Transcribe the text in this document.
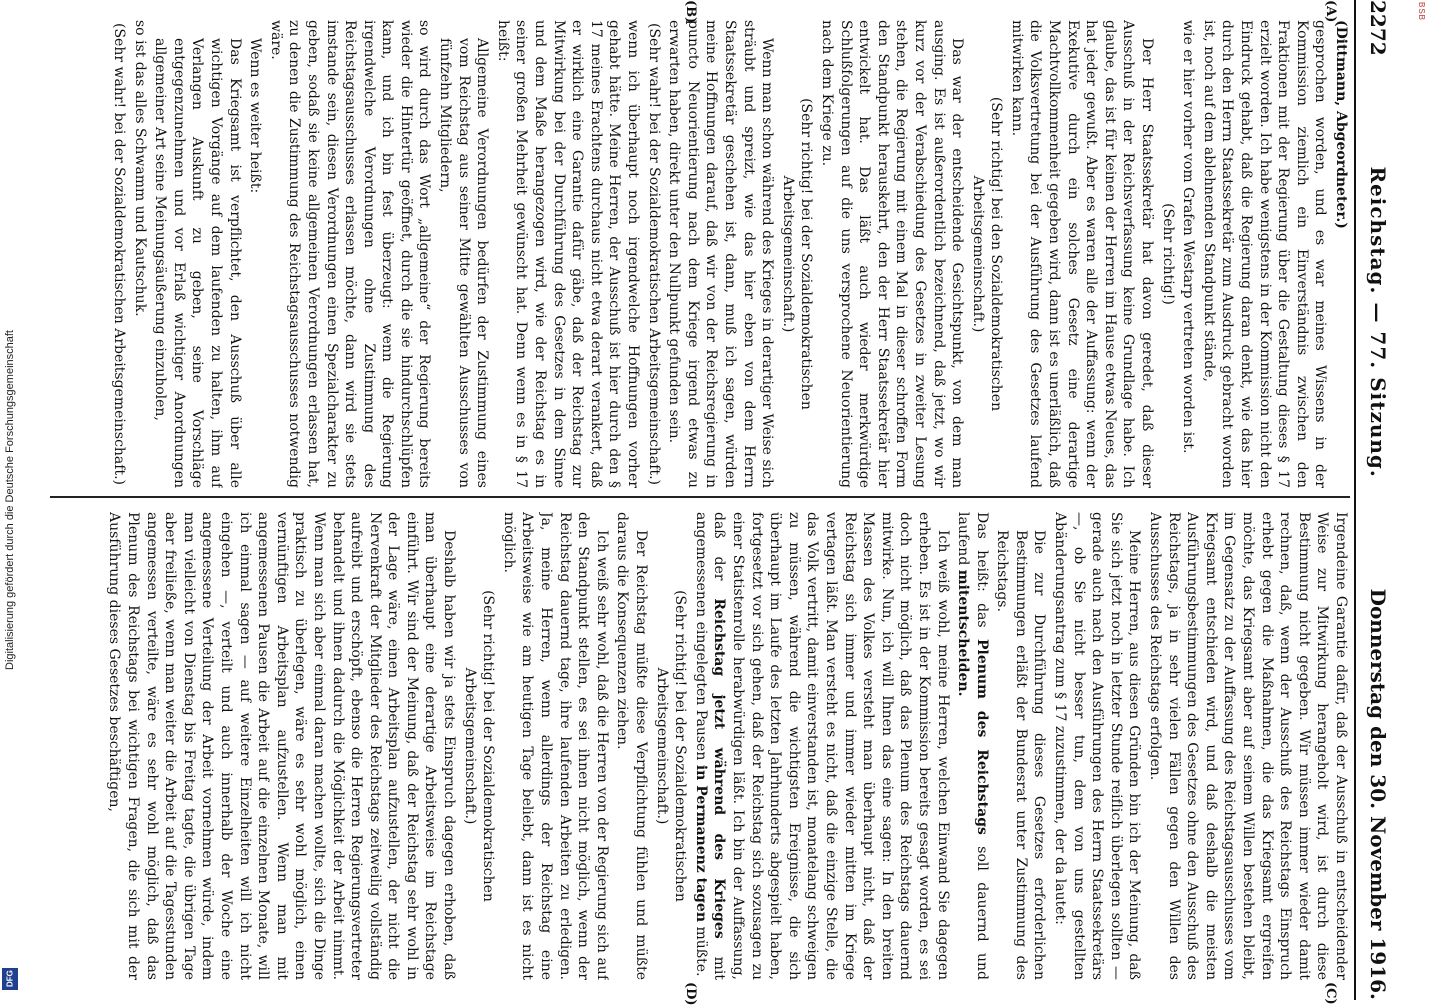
Digitalisierung gefördert durch die Deutsche Forschungsgemeinschaft
DFG
BSB
2272
Reichstag. — 77. Sitzung.
Donnerstag den 30. November 1916.
(A)
(B)
(C)
(D)

(Dittmann, Abgeordneter.)

gesprochen worden, und es war meines Wissens in der Kommission ziemlich ein Einverständnis zwischen den Fraktionen mit der Regierung über die Gestaltung dieses § 17 erzielt worden. Ich habe wenigstens in der Kommission nicht den Eindruck gehabt, daß die Regierung daran denkt, wie das hier durch den Herrn Staatssekretär zum Ausdruck gebracht worden ist, noch auf dem ablehnenden Standpunkt stände,

wie er hier vorher vom Grafen Westarp vertreten worden ist.

(Sehr richtig!)

Der Herr Staatssekretär hat davon geredet, daß dieser Ausschuß in der Reichsverfassung keine Grundlage habe. Ich glaube, das ist für keinen der Herren im Hause etwas Neues, das hat jeder gewußt. Aber es waren alle der Auffassung: wenn der Exekutive durch ein solches Gesetz eine derartige Machtvollkommenheit gegeben wird, dann ist es unerläßlich, daß die Volksvertretung bei der Ausführung des Gesetzes laufend mitwirken kann.

(Sehr richtig! bei den Sozialdemokratischen Arbeitsgemeinschaft.)

Das war der entscheidende Gesichtspunkt, von dem man ausging. Es ist außerordentlich bezeichnend, daß jetzt, wo wir kurz vor der Verabschiedung des Gesetzes in zweiter Lesung stehen, die Regierung mit einem Mal in dieser schroffen Form den Standpunkt herauskehrt, den der Herr Staatssekretär hier entwickelt hat. Das läßt auch wieder merkwürdige Schlußfolgerungen auf die uns versprochene Neuorientierung nach dem Kriege zu.

(Sehr richtig! bei der Sozialdemokratischen Arbeitsgemeinschaft.)

Wenn man schon während des Krieges in derartiger Weise sich sträubt und spreizt, wie das hier eben von dem Herrn Staatssekretär geschehen ist, dann, muß ich sagen, würden meine Hoffnungen darauf, daß wir von der Reichsregierung in puncto Neuorientierung nach dem Kriege irgend etwas zu erwarten haben, direkt unter den Nullpunkt gefunden sein.

(Sehr wahr! bei der Sozialdemokratischen Arbeitsgemeinschaft.)

wenn ich überhaupt noch irgendwelche Hoffnungen vorher gehabt hätte. Meine Herren, der Ausschuß ist hier durch den § 17 meines Erachtens durchaus nicht etwa derart verankert, daß er wirklich eine Garantie dafür gäbe, daß der Reichstag zur Mitwirkung bei der Durchführung des Gesetzes in dem Sinne und dem Maße herangezogen wird, wie der Reichstag es in seiner großen Mehrheit gewünscht hat. Denn wenn es in § 17 heißt:

Allgemeine Verordnungen bedürfen der Zustimmung eines vom Reichstag aus seiner Mitte gewählten Ausschusses von fünfzehn Mitgliedern,

so wird durch das Wort „allgemeine“ der Regierung bereits wieder die Hintertür geöffnet, durch die sie hindurchschlüpfen kann, und ich bin fest überzeugt: wenn die Regierung irgendwelche Verordnungen ohne Zustimmung des Reichstagsausschusses erlassen möchte, dann wird sie stets imstande sein, diesen Verordnungen einen Spezialcharakter zu geben, sodaß sie keine allgemeinen Verordnungen erlassen hat, zu denen die Zustimmung des Reichstagsausschusses notwendig wäre.

Wenn es weiter heißt:

Das Kriegsamt ist verpflichtet, den Ausschuß über alle wichtigen Vorgänge auf dem laufenden zu halten, ihm auf Verlangen Auskunft zu geben, seine Vorschläge entgegenzunehmen und vor Erlaß wichtiger Anordnungen allgemeiner Art seine Meinungsäußerung einzuholen,

so ist das alles Schwamm und Kautschuk.

(Sehr wahr! bei der Sozialdemokratischen Arbeitsgemeinschaft.)

Irgendeine Garantie dafür, daß der Ausschuß in entscheidender Weise zur Mitwirkung herangeholt wird, ist durch diese Bestimmung nicht gegeben. Wir müssen immer wieder damit rechnen, daß, wenn der Ausschuß des Reichstags Einspruch erhebt gegen die Maßnahmen, die das Kriegsamt ergreifen möchte, das Kriegsamt aber auf seinem Willen bestehen bleibt, im Gegensatz zu der Auffassung des Reichstagsausschusses vom Kriegsamt entschieden wird, und daß deshalb die meisten Ausführungsbestimmungen des Gesetzes ohne den Ausschuß des Reichstags, ja in sehr vielen Fällen gegen den Willen des Ausschusses des Reichstags erfolgen.

Meine Herren, aus diesen Gründen bin ich der Meinung, daß Sie sich jetzt noch in letzter Stunde reiflich überlegen sollten — gerade auch nach den Ausführungen des Herrn Staatssekretärs —, ob Sie nicht besser tun, dem von uns gestellten Abänderungsantrag zum § 17 zuzustimmen, der da lautet:

Die zur Durchführung dieses Gesetzes erforderlichen Bestimmungen erläßt der Bundesrat unter Zustimmung des Reichstags.

Das heißt: das Plenum des Reichstags soll dauernd und laufend mitentscheiden.

Ich weiß wohl, meine Herren, welchen Einwand Sie dagegen erheben. Es ist in der Kommission bereits gesagt worden, es sei doch nicht möglich, daß das Plenum des Reichstags dauernd mitwirke. Nun, ich will Ihnen das eine sagen: In den breiten Massen des Volkes versteht man überhaupt nicht, daß der Reichstag sich immer und immer wieder mitten im Kriege vertagen läßt. Man versteht es nicht, daß die einzige Stelle, die das Volk vertritt, damit einverstanden ist, monatelang schweigen zu müssen, während die wichtigsten Ereignisse, die sich überhaupt im Laufe des letzten Jahrhunderts abgespielt haben, fortgesetzt vor sich gehen, daß der Reichstag sich sozusagen zu einer Statistenrolle herabwürdigen läßt. Ich bin der Auffassung, daß der Reichstag jetzt während des Krieges mit angemessenen eingelegten Pausen in Permanenz tagen müßte.

(Sehr richtig! bei der Sozialdemokratischen Arbeitsgemeinschaft.)

Der Reichstag müßte diese Verpflichtung fühlen und müßte daraus die Konsequenzen ziehen.

Ich weiß sehr wohl, daß die Herren von der Regierung sich auf den Standpunkt stellen, es sei ihnen nicht möglich, wenn der Reichstag dauernd tage, ihre laufenden Arbeiten zu erledigen. Ja, meine Herren, wenn allerdings der Reichstag eine Arbeitsweise wie am heutigen Tage beliebt, dann ist es nicht möglich.

(Sehr richtig! bei der Sozialdemokratischen Arbeitsgemeinschaft.)

Deshalb haben wir ja stets Einspruch dagegen erhoben, daß man überhaupt eine derartige Arbeitsweise im Reichstage einführt. Wir sind der Meinung, daß der Reichstag sehr wohl in der Lage wäre, einen Arbeitsplan aufzustellen, der nicht die Nervenkraft der Mitglieder des Reichstags zeitweilig vollständig aufreibt und erschöpft, ebenso die Herren Regierungsvertreter behandelt und ihnen dadurch die Möglichkeit der Arbeit nimmt. Wenn man sich aber einmal daran machen wollte, sich die Dinge praktisch zu überlegen, wäre es sehr wohl möglich, einen vernünftigen Arbeitsplan aufzustellen. Wenn man mit angemessenen Pausen die Arbeit auf die einzelnen Monate, will ich einmal sagen — auf weitere Einzelheiten will ich nicht eingehen —, verteilt und auch innerhalb der Woche eine angemessene Verteilung der Arbeit vornehmen würde, indem man vielleicht von Dienstag bis Freitag tagte, die übrigen Tage aber freiließe, wenn man weiter die Arbeit auf die Tagesstunden angemessen verteilte, wäre es sehr wohl möglich, daß das Plenum des Reichstags bei wichtigen Fragen, die sich mit der Ausführung dieses Gesetzes beschäftigen,
